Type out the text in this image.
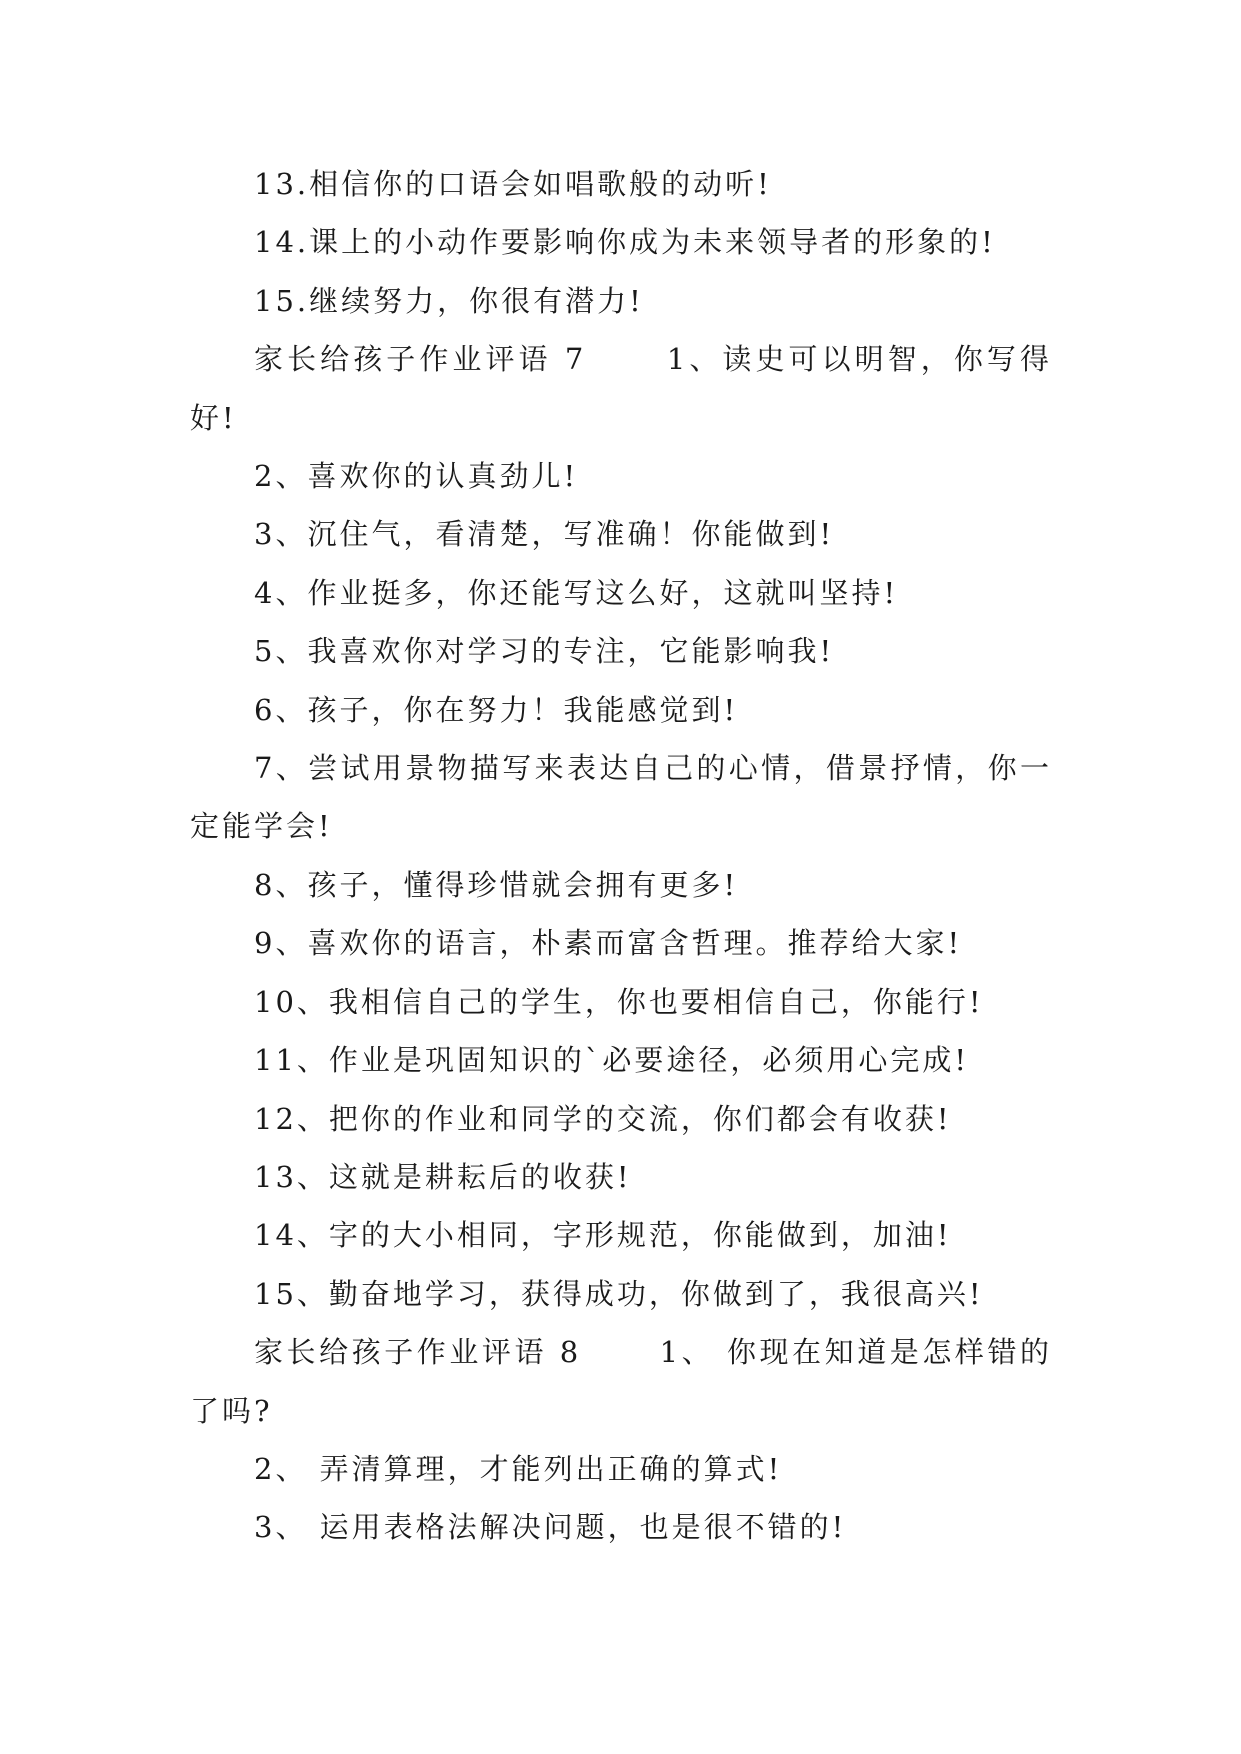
13.相信你的口语会如唱歌般的动听!

14.课上的小动作要影响你成为未来领导者的形象的!

15.继续努力，你很有潜力!

家长给孩子作业评语 7　　 1、读史可以明智，你写得好!

2、喜欢你的认真劲儿!

3、沉住气，看清楚，写准确！你能做到!

4、作业挺多，你还能写这么好，这就叫坚持!

5、我喜欢你对学习的专注，它能影响我!

6、孩子，你在努力！我能感觉到!

7、尝试用景物描写来表达自己的心情，借景抒情，你一定能学会!

8、孩子，懂得珍惜就会拥有更多!

9、喜欢你的语言，朴素而富含哲理。推荐给大家!

10、我相信自己的学生，你也要相信自己，你能行!

11、作业是巩固知识的`必要途径，必须用心完成!

12、把你的作业和同学的交流，你们都会有收获!

13、这就是耕耘后的收获!

14、字的大小相同，字形规范，你能做到，加油!

15、勤奋地学习，获得成功，你做到了，我很高兴!

家长给孩子作业评语 8　　 1、 你现在知道是怎样错的了吗?

2、 弄清算理，才能列出正确的算式!

3、 运用表格法解决问题，也是很不错的!
